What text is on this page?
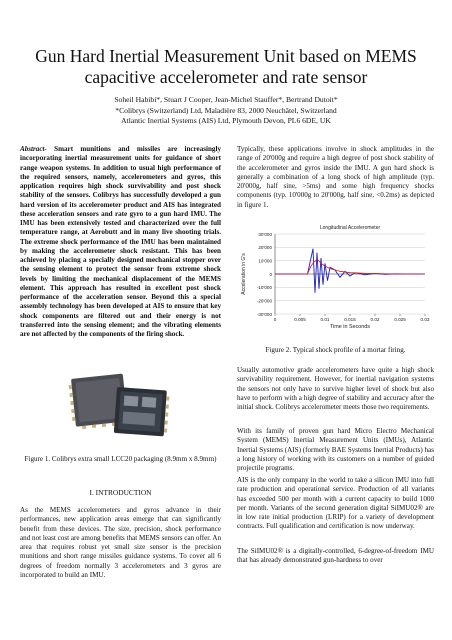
Gun Hard Inertial Measurement Unit based on MEMS capacitive accelerometer and rate sensor
Soheil Habibi*, Stuart J Cooper, Jean-Michel Stauffer*, Bertrand Dutoit*
*Colibrys (Switzerland) Ltd, Maladière 83, 2000 Neuchâtel, Switzerland
Atlantic Inertial Systems (AIS) Ltd, Plymouth Devon, PL6 6DE, UK

Abstract- Smart munitions and missiles are increasingly incorporating inertial measurement units for guidance of short range weapon systems. In addition to usual high performance of the required sensors, namely, accelerometers and gyros, this application requires high shock survivability and post shock stability of the sensors. Colibrys has successfully developed a gun hard version of its accelerometer product and AIS has integrated these acceleration sensors and rate gyro to a gun hard IMU. The IMU has been extensively tested and characterized over the full temperature range, at Aerobutt and in many live shooting trials. The extreme shock performance of the IMU has been maintained by making the accelerometer shock resistant. This has been achieved by placing a specially designed mechanical stopper over the sensing element to protect the sensor from extreme shock levels by limiting the mechanical displacement of the MEMS element. This approach has resulted in excellent post shock performance of the acceleration sensor. Beyond this a special assembly technology has been developed at AIS to ensure that key shock components are filtered out and their energy is not transferred into the sensing element; and the vibrating elements are not affected by the components of the firing shock.

Figure 1. Colibrys extra small LCC20 packaging (8.9mm x 8.9mm)
I. INTRODUCTION

As the MEMS accelerometers and gyros advance in their performances, new application areas emerge that can significantly benefit from these devices. The size, precision, shock performance and not least cost are among benefits that MEMS sensors can offer. An area that requires robust yet small size sensor is the precision munitions and short range missiles guidance systems. To cover all 6 degrees of freedom normally 3 accelerometers and 3 gyros are incorporated to build an IMU.

Typically, these applications involve in shock amplitudes in the range of 20'000g and require a high degree of post shock stability of the accelerometer and gyros inside the IMU. A gun hard shock is generally a combination of a long shock of high amplitude (typ. 20'000g, half sine, >5ms) and some high frequency shocks components (typ. 10'000g to 20'000g, half sine, <0.2ms) as depicted in figure 1.

30'000
20'000
10'000
0
-10'000
-20'000
-30'000
0	0.005	0.01	0.015	0.02	0.025	0.03
Longitudinal Accelerometer
Time in Seconds
Acceleration in G's
Figure 2. Typical shock profile of a mortar firing.

Usually automotive grade accelerometers have quite a high shock survivability requirement. However, for inertial navigation systems the sensors not only have to survive higher level of shock but also have to perform with a high degree of stability and accuracy after the initial shock. Colibrys accelerometer meets those two requirements.

With its family of proven gun hard Micro Electro Mechanical System (MEMS) Inertial Measurement Units (IMUs), Atlantic Inertial Systems (AIS) (formerly BAE Systems Inertial Products) has a long history of working with its customers on a number of guided projectile programs.

AIS is the only company in the world to take a silicon IMU into full rate production and operational service. Production of all variants has exceeded 500 per month with a current capacity to build 1000 per month. Variants of the second generation digital SiIMU02® are in low rate initial production (LRIP) for a variety of development contracts. Full qualification and certification is now underway.

The SiIMU02® is a digitally-controlled, 6-degree-of-freedom IMU that has already demonstrated gun-hardness to over
